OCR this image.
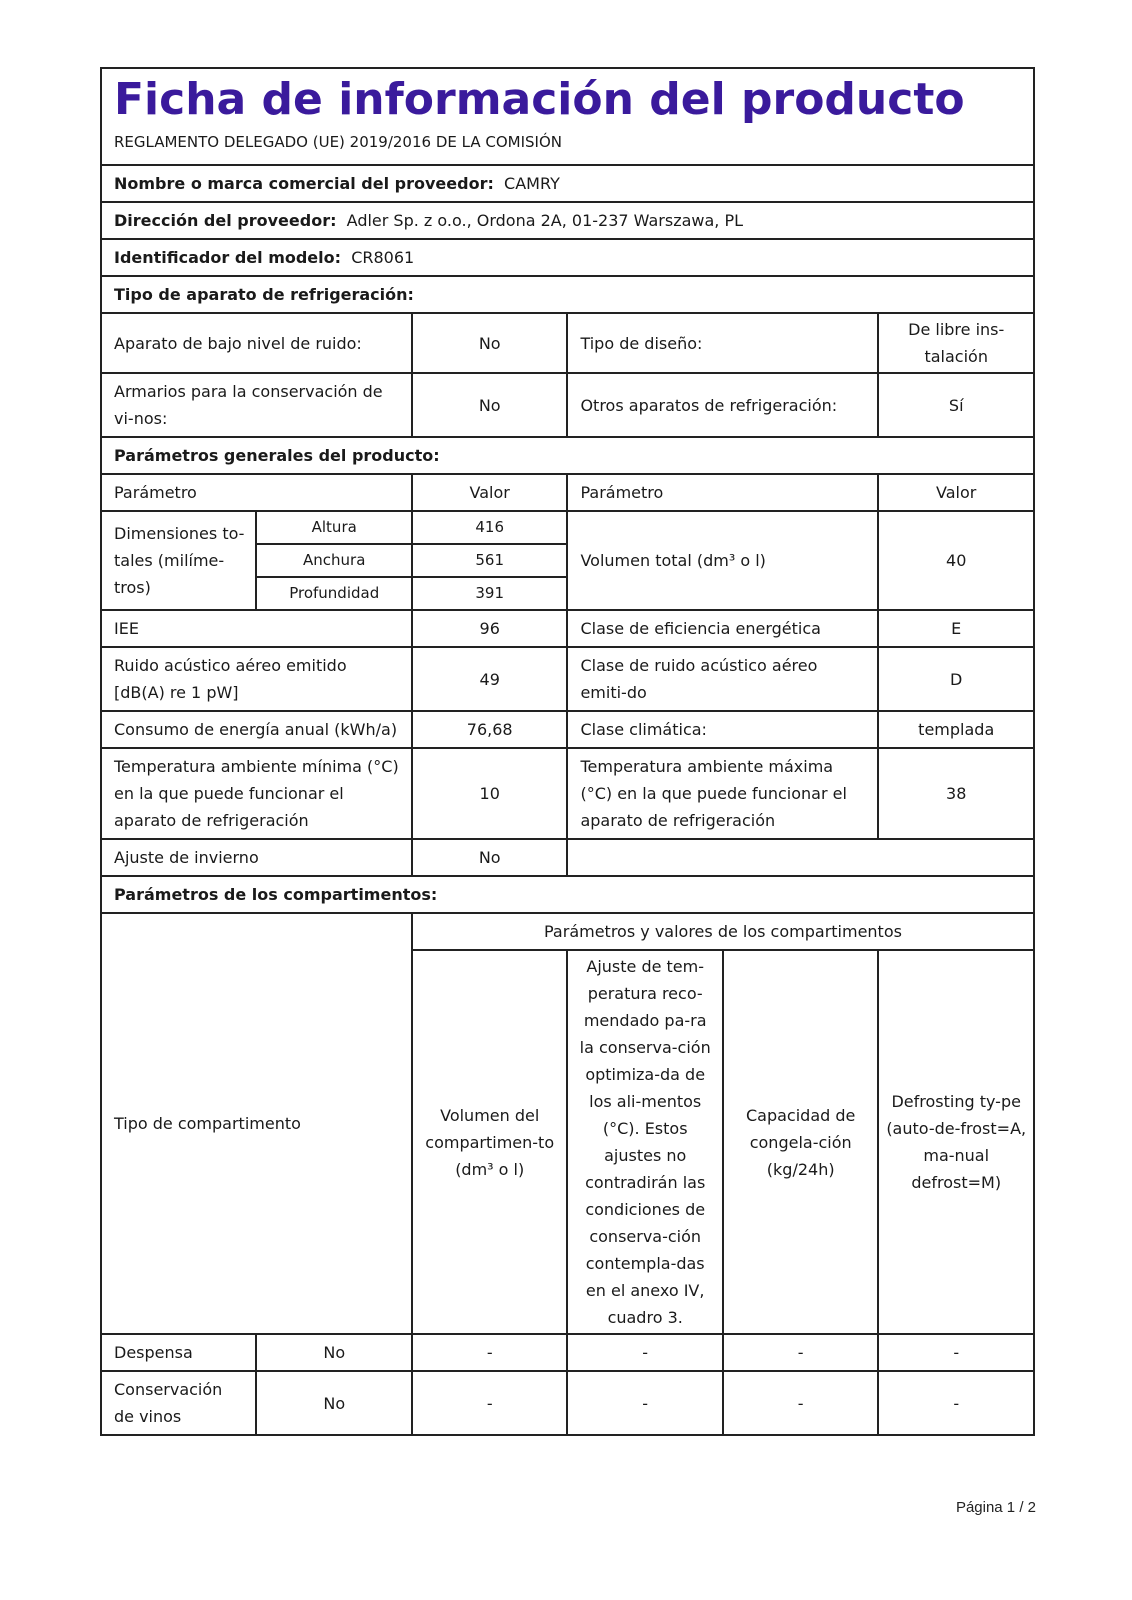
Ficha de información del producto					
REGLAMENTO DELEGADO (UE) 2019/2016 DE LA COMISIÓN					
Nombre o marca comercial del proveedor: CAMRY					
Dirección del proveedor: Adler Sp. z o.o., Ordona 2A, 01-237 Warszawa, PL					
Identificador del modelo: CR8061					
Tipo de aparato de refrigeración:					
Aparato de bajo nivel de ruido:		No	Tipo de diseño:		De libre ins-talación
Armarios para la conservación de vi-nos:		No	Otros aparatos de refrigeración:		Sí
Parámetros generales del producto:					
Parámetro		Valor	Parámetro		Valor
Dimensiones to-tales (milíme-tros)	Altura	416	Volumen total (dm³ o l)		40
	Anchura	561			
	Profundidad	391			
IEE		96	Clase de eficiencia energética		E
Ruido acústico aéreo emitido [dB(A) re 1 pW]		49	Clase de ruido acústico aéreo emiti-do		D
Consumo de energía anual (kWh/a)		76,68	Clase climática:		templada
Temperatura ambiente mínima (°C) en la que puede funcionar el aparato de refrigeración		10	Temperatura ambiente máxima (°C) en la que puede funcionar el aparato de refrigeración		38
Ajuste de invierno		No			
Parámetros de los compartimentos:					
Tipo de compartimento		Parámetros y valores de los compartimentos			
		Volumen del compartimen-to (dm³ o l)	Ajuste de tem-peratura reco-mendado pa-ra la conserva-ción optimiza-da de los ali-mentos (°C). Estos ajustes no contradirán las condiciones de conserva-ción contempla-das en el anexo IV, cuadro 3.	Capacidad de congela-ción (kg/24h)	Defrosting ty-pe (auto-de-frost=A, ma-nual defrost=M)
Despensa	No	-	-	-	-
Conservación de vinos	No	-	-	-	-
Página 1 / 2
